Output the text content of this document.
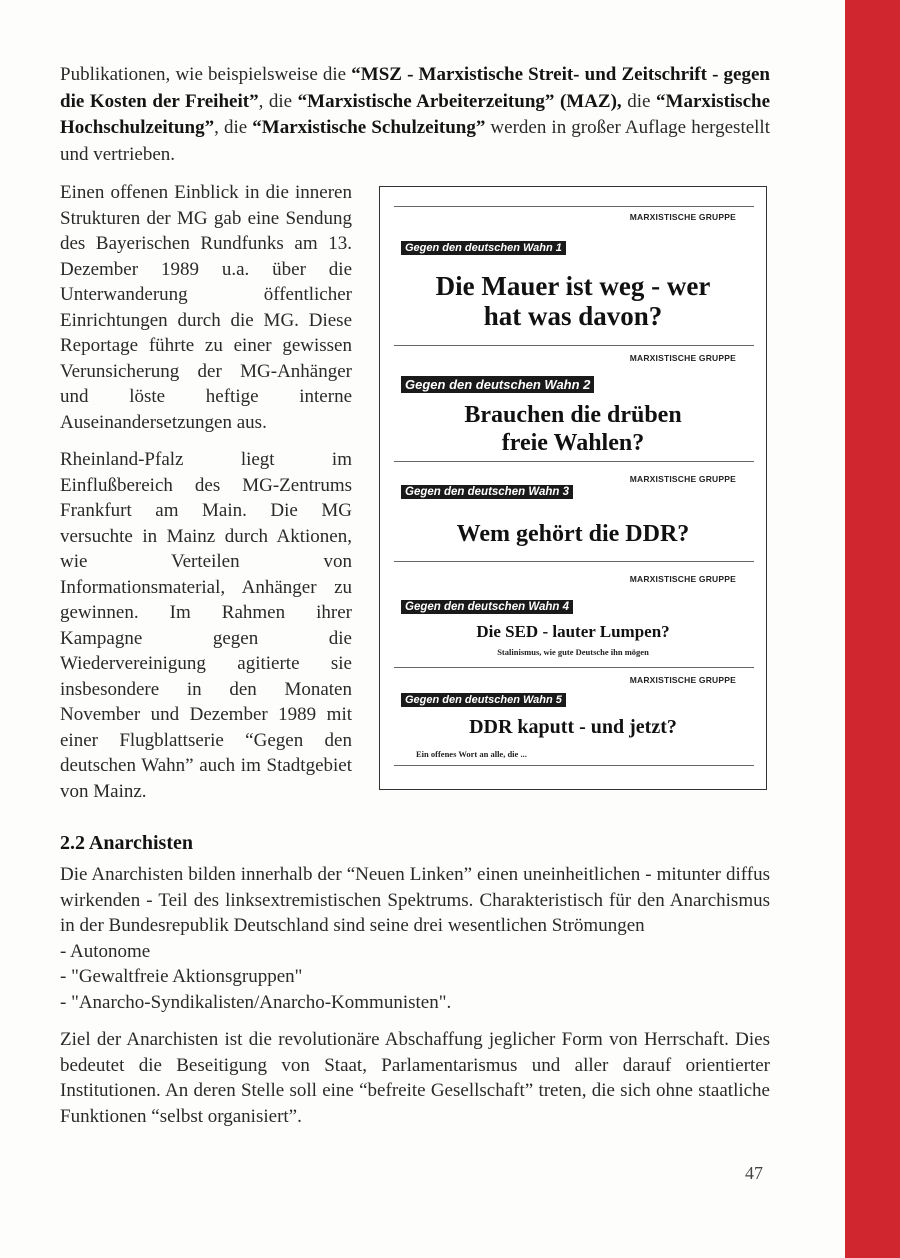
Publikationen, wie beispielsweise die “MSZ - Marxistische Streit- und Zeitschrift - gegen die Kosten der Freiheit”, die “Marxistische Arbeiterzeitung” (MAZ), die “Marxistische Hochschulzeitung”, die “Marxistische Schulzeitung” werden in großer Auflage hergestellt und vertrieben.

Einen offenen Einblick in die inneren Strukturen der MG gab eine Sendung des Bayerischen Rundfunks am 13. Dezember 1989 u.a. über die Unterwanderung öffentlicher Einrichtungen durch die MG. Diese Reportage führte zu einer gewissen Verunsicherung der MG-Anhänger und löste heftige interne Auseinandersetzungen aus.

Rheinland-Pfalz liegt im Einflußbereich des MG-Zentrums Frankfurt am Main. Die MG versuchte in Mainz durch Aktionen, wie Verteilen von Informationsmaterial, Anhänger zu gewinnen. Im Rahmen ihrer Kampagne gegen die Wiedervereinigung agitierte sie insbesondere in den Monaten November und Dezember 1989 mit einer Flugblattserie “Gegen den deutschen Wahn” auch im Stadtgebiet von Mainz.

MARXISTISCHE GRUPPE
Gegen den deutschen Wahn 1
Die Mauer ist weg - wer hat was davon?
MARXISTISCHE GRUPPE
Gegen den deutschen Wahn 2
Brauchen die drüben freie Wahlen?
MARXISTISCHE GRUPPE
Gegen den deutschen Wahn 3
Wem gehört die DDR?
MARXISTISCHE GRUPPE
Gegen den deutschen Wahn 4
Die SED - lauter Lumpen?
Stalinismus, wie gute Deutsche ihn mögen
MARXISTISCHE GRUPPE
Gegen den deutschen Wahn 5
DDR kaputt - und jetzt?
Ein offenes Wort an alle, die ...
2.2 Anarchisten

Die Anarchisten bilden innerhalb der “Neuen Linken” einen uneinheitlichen - mitunter diffus wirkenden - Teil des linksextremistischen Spektrums. Charakteristisch für den Anarchismus in der Bundesrepublik Deutschland sind seine drei wesentlichen Strömungen

- Autonome
- "Gewaltfreie Aktionsgruppen"
- "Anarcho-Syndikalisten/Anarcho-Kommunisten".

Ziel der Anarchisten ist die revolutionäre Abschaffung jeglicher Form von Herrschaft. Dies bedeutet die Beseitigung von Staat, Parlamentarismus und aller darauf orientierter Institutionen. An deren Stelle soll eine “befreite Gesellschaft” treten, die sich ohne staatliche Funktionen “selbst organisiert”.

47
